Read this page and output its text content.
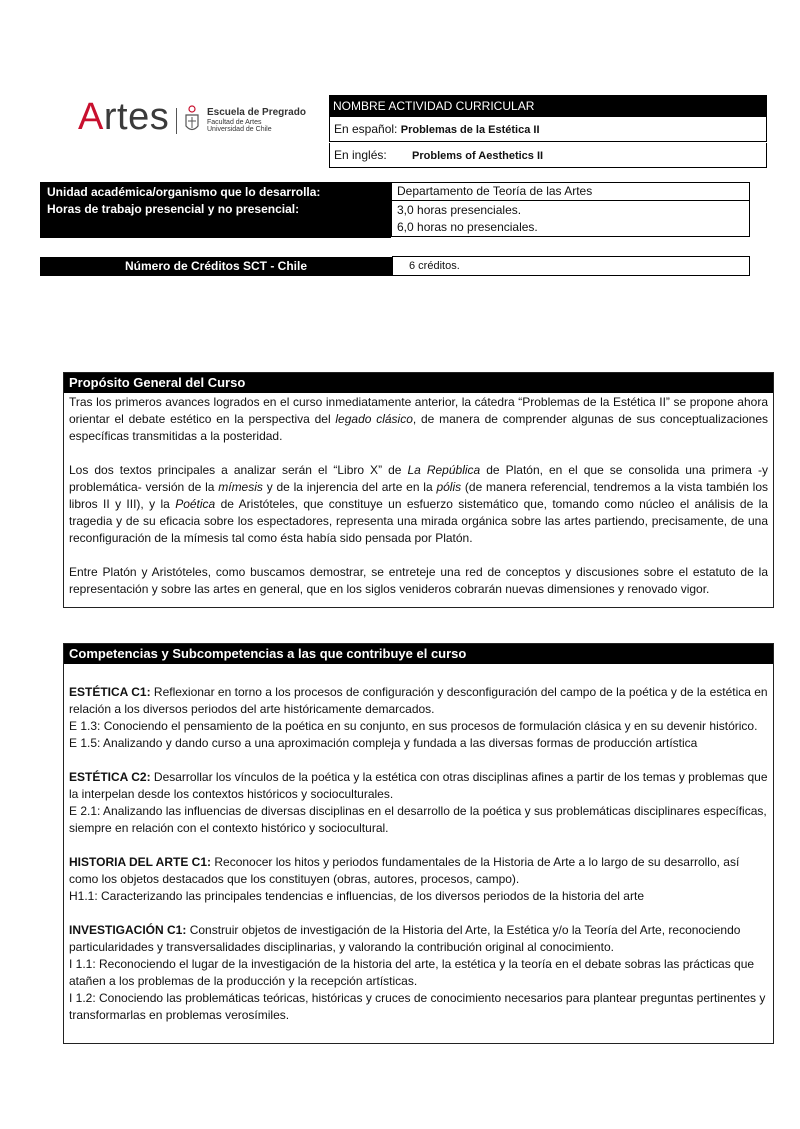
Artes	Escuela de Pregrado
Facultad de Artes
Universidad de Chile
NOMBRE ACTIVIDAD CURRICULAR
En español: Problemas de la Estética II
En inglés: Problems of Aesthetics II
Unidad académica/organismo que lo desarrolla:
Horas de trabajo presencial y no presencial:
Departamento de Teoría de las Artes
3,0 horas presenciales.
6,0 horas no presenciales.
Número de Créditos SCT - Chile	6 créditos.
Propósito General del Curso

Tras los primeros avances logrados en el curso inmediatamente anterior, la cátedra “Problemas de la Estética II” se propone ahora orientar el debate estético en la perspectiva del legado clásico, de manera de comprender algunas de sus conceptualizaciones específicas transmitidas a la posteridad.

Los dos textos principales a analizar serán el “Libro X” de La República de Platón, en el que se consolida una primera -y problemática- versión de la mímesis y de la injerencia del arte en la pólis (de manera referencial, tendremos a la vista también los libros II y III), y la Poética de Aristóteles, que constituye un esfuerzo sistemático que, tomando como núcleo el análisis de la tragedia y de su eficacia sobre los espectadores, representa una mirada orgánica sobre las artes partiendo, precisamente, de una reconfiguración de la mímesis tal como ésta había sido pensada por Platón.

Entre Platón y Aristóteles, como buscamos demostrar, se entreteje una red de conceptos y discusiones sobre el estatuto de la representación y sobre las artes en general, que en los siglos venideros cobrarán nuevas dimensiones y renovado vigor.

Competencias y Subcompetencias a las que contribuye el curso

ESTÉTICA C1: Reflexionar en torno a los procesos de configuración y desconfiguración del campo de la poética y de la estética en relación a los diversos periodos del arte históricamente demarcados.

E 1.3: Conociendo el pensamiento de la poética en su conjunto, en sus procesos de formulación clásica y en su devenir histórico.

E 1.5: Analizando y dando curso a una aproximación compleja y fundada a las diversas formas de producción artística

ESTÉTICA C2: Desarrollar los vínculos de la poética y la estética con otras disciplinas afines a partir de los temas y problemas que la interpelan desde los contextos históricos y socioculturales.

E 2.1: Analizando las influencias de diversas disciplinas en el desarrollo de la poética y sus problemáticas disciplinares específicas, siempre en relación con el contexto histórico y sociocultural.

HISTORIA DEL ARTE C1: Reconocer los hitos y periodos fundamentales de la Historia de Arte a lo largo de su desarrollo, así como los objetos destacados que los constituyen (obras, autores, procesos, campo).

H1.1: Caracterizando las principales tendencias e influencias, de los diversos periodos de la historia del arte

INVESTIGACIÓN C1: Construir objetos de investigación de la Historia del Arte, la Estética y/o la Teoría del Arte, reconociendo particularidades y transversalidades disciplinarias, y valorando la contribución original al conocimiento.

I 1.1: Reconociendo el lugar de la investigación de la historia del arte, la estética y la teoría en el debate sobras las prácticas que atañen a los problemas de la producción y la recepción artísticas.

I 1.2: Conociendo las problemáticas teóricas, históricas y cruces de conocimiento necesarios para plantear preguntas pertinentes y transformarlas en problemas verosímiles.
